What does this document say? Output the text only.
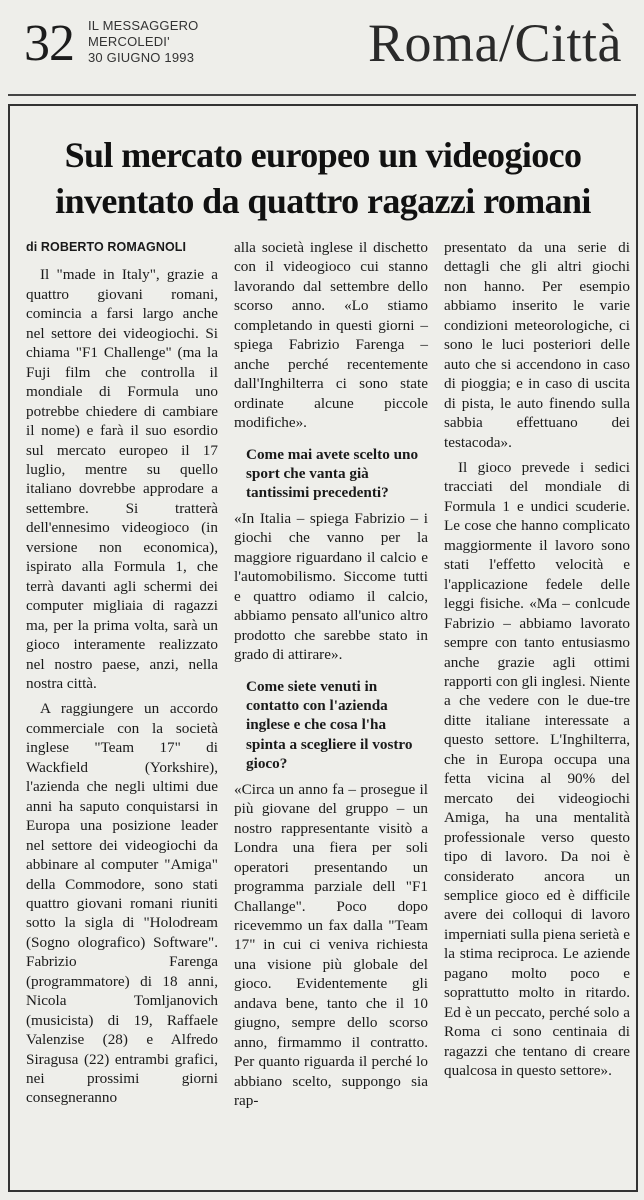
32 IL MESSAGGERO
MERCOLEDI'
30 GIUGNO 1993	Roma/Città
Sul mercato europeo un videogioco
inventato da quattro ragazzi romani
di ROBERTO ROMAGNOLI

Il "made in Italy", grazie a quattro giovani romani, comincia a farsi largo anche nel settore dei videogiochi. Si chiama "F1 Challenge" (ma la Fuji film che controlla il mondiale di Formula uno potrebbe chiedere di cambiare il nome) e farà il suo esordio sul mercato europeo il 17 luglio, mentre su quello italiano dovrebbe approdare a settembre. Si tratterà dell'ennesimo videogioco (in versione non economica), ispirato alla Formula 1, che terrà davanti agli schermi dei computer migliaia di ragazzi ma, per la prima volta, sarà un gioco interamente realizzato nel nostro paese, anzi, nella nostra città.

A raggiungere un accordo commerciale con la società inglese "Team 17" di Wackfield (Yorkshire), l'azienda che negli ultimi due anni ha saputo conquistarsi in Europa una posizione leader nel settore dei videogiochi da abbinare al computer "Amiga" della Commodore, sono stati quattro giovani romani riuniti sotto la sigla di "Holodream (Sogno olografico) Software". Fabrizio Farenga (programmatore) di 18 anni, Nicola Tomljanovich (musicista) di 19, Raffaele Valenzise (28) e Alfredo Siragusa (22) entrambi grafici, nei prossimi giorni consegneranno

alla società inglese il dischetto con il videogioco cui stanno lavorando dal settembre dello scorso anno. «Lo stiamo completando in questi giorni – spiega Fabrizio Farenga – anche perché recentemente dall'Inghilterra ci sono state ordinate alcune piccole modifiche».

Come mai avete scelto uno sport che vanta già tantissimi precedenti?

«In Italia – spiega Fabrizio – i giochi che vanno per la maggiore riguardano il calcio e l'automobilismo. Siccome tutti e quattro odiamo il calcio, abbiamo pensato all'unico altro prodotto che sarebbe stato in grado di attirare».

Come siete venuti in contatto con l'azienda inglese e che cosa l'ha spinta a scegliere il vostro gioco?

«Circa un anno fa – prosegue il più giovane del gruppo – un nostro rappresentante visitò a Londra una fiera per soli operatori presentando un programma parziale dell "F1 Challange". Poco dopo ricevemmo un fax dalla "Team 17" in cui ci veniva richiesta una visione più globale del gioco. Evidentemente gli andava bene, tanto che il 10 giugno, sempre dello scorso anno, firmammo il contratto. Per quanto riguarda il perché lo abbiano scelto, suppongo sia rap-

presentato da una serie di dettagli che gli altri giochi non hanno. Per esempio abbiamo inserito le varie condizioni meteorologiche, ci sono le luci posteriori delle auto che si accendono in caso di pioggia; e in caso di uscita di pista, le auto finendo sulla sabbia effettuano dei testacoda».

Il gioco prevede i sedici tracciati del mondiale di Formula 1 e undici scuderie. Le cose che hanno complicato maggiormente il lavoro sono stati l'effetto velocità e l'applicazione fedele delle leggi fisiche. «Ma – conlcude Fabrizio – abbiamo lavorato sempre con tanto entusiasmo anche grazie agli ottimi rapporti con gli inglesi. Niente a che vedere con le due-tre ditte italiane interessate a questo settore. L'Inghilterra, che in Europa occupa una fetta vicina al 90% del mercato dei videogiochi Amiga, ha una mentalità professionale verso questo tipo di lavoro. Da noi è considerato ancora un semplice gioco ed è difficile avere dei colloqui di lavoro imperniati sulla piena serietà e la stima reciproca. Le aziende pagano molto poco e soprattutto molto in ritardo. Ed è un peccato, perché solo a Roma ci sono centinaia di ragazzi che tentano di creare qualcosa in questo settore».
